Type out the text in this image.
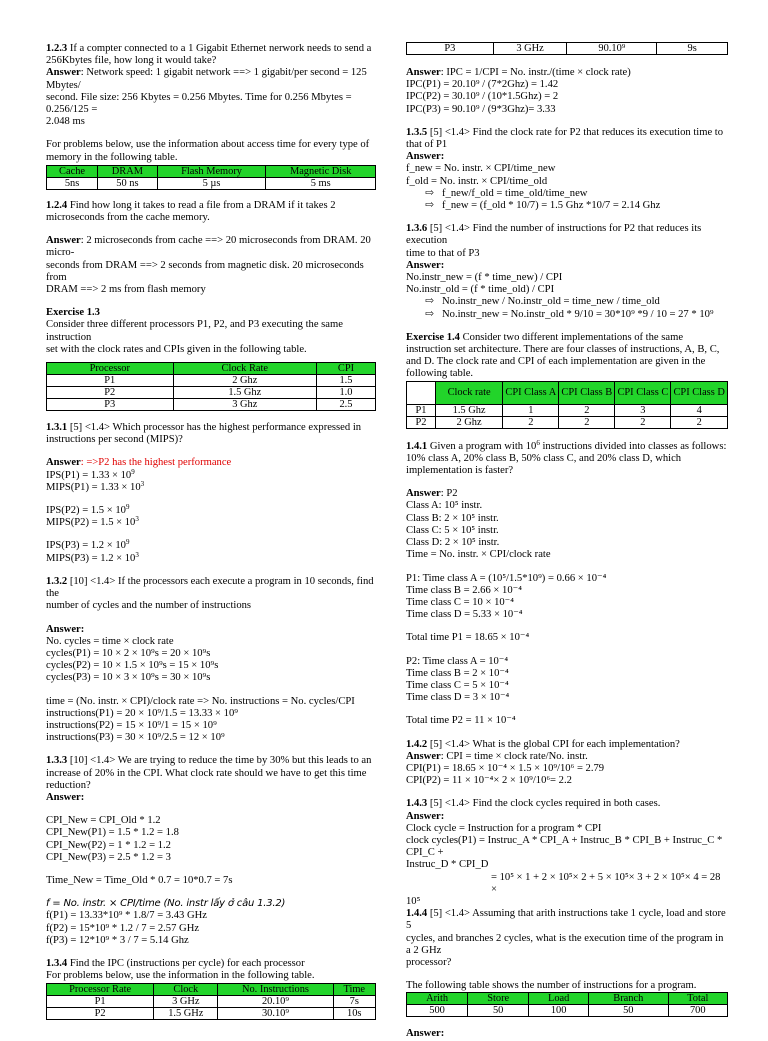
1.2.3 If a compter connected to a 1 Gigabit Ethernet nerwork needs to send a 256Kbytes file, how long it would take?

Answer: Network speed: 1 gigabit network ==> 1 gigabit/per second = 125 Mbytes/

second. File size: 256 Kbytes = 0.256 Mbytes. Time for 0.256 Mbytes = 0.256/125 =

2.048 ms

For problems below, use the information about access time for every type of memory in the following table.

Cache	DRAM	Flash Memory	Magnetic Disk
5ns	50 ns	5 µs	5 ms

1.2.4 Find how long it takes to read a file from a DRAM if it takes 2 microseconds from the cache memory.

Answer: 2 microseconds from cache ==> 20 microseconds from DRAM. 20 micro-

seconds from DRAM ==> 2 seconds from magnetic disk. 20 microseconds from

DRAM ==> 2 ms from flash memory

Exercise 1.3

Consider three different processors P1, P2, and P3 executing the same instruction

set with the clock rates and CPIs given in the following table.

Processor	Clock Rate	CPI
P1	2 Ghz	1.5
P2	1.5 Ghz	1.0
P3	3 Ghz	2.5

1.3.1 [5] <1.4> Which processor has the highest performance expressed in instructions per second (MIPS)?

Answer: =>P2 has the highest performance

$IPS(P1) = 1.33 \times 10^9$

MIPS(P1) = $1.33 \times 10^3$

$IPS(P2) = 1.5 \times 10^9$

MIPS(P2) = $1.5 \times 10^3$

$IPS(P3) = 1.2 \times 10^9$

MIPS(P3) = $1.2 \times 10^3$

1.3.2 [10] <1.4> If the processors each execute a program in 10 seconds, find the

number of cycles and the number of instructions

Answer:

No. cycles = time × clock rate

cycles(P1) = 10 × 2 × 10⁹s = 20 × 10⁹s

cycles(P2) = 10 × 1.5 × 10⁹s = 15 × 10⁹s

cycles(P3) = 10 × 3 × 10⁹s = 30 × 10⁹s

time = (No. instr. × CPI)/clock rate => No. instructions = No. cycles/CPI

instructions(P1) = 20 × 10⁹/1.5 = 13.33 × 10⁹

instructions(P2) = 15 × 10⁹/1 = 15 × 10⁹

instructions(P3) = 30 × 10⁹/2.5 = 12 × 10⁹

1.3.3 [10] <1.4> We are trying to reduce the time by 30% but this leads to an increase of 20% in the CPI. What clock rate should we have to get this time

reduction?

Answer:

CPI_New = CPI_Old * 1.2

CPI_New(P1) = 1.5 * 1.2 = 1.8

CPI_New(P2) = 1 * 1.2 = 1.2

CPI_New(P3) = 2.5 * 1.2 = 3

Time_New = Time_Old * 0.7 = 10*0.7 = 7s

f = No. instr. × CPI/time (No. instr lấy ở câu 1.3.2)

f(P1) = 13.33*10⁹ * 1.8/7 = 3.43 GHz

f(P2) = 15*10⁹ * 1.2 / 7 = 2.57 GHz

f(P3) = 12*10⁹ * 3 / 7 = 5.14 Ghz

1.3.4 Find the IPC (instructions per cycle) for each processor

For problems below, use the information in the following table.

Processor Rate	Clock	No. Instructions	Time
P1	3 GHz	20.10⁹	7s
P2	1.5 GHz	30.10⁹	10s
P3	3 GHz	90.10⁹	9s

Answer: IPC = 1/CPI = No. instr./(time × clock rate)

IPC(P1) = 20.10⁹ / (7*2Ghz) = 1.42

IPC(P2) = 30.10⁹ / (10*1.5Ghz) = 2

IPC(P3) = 90.10⁹ / (9*3Ghz)= 3.33

1.3.5 [5] <1.4> Find the clock rate for P2 that reduces its execution time to that of P1

Answer:

f_new = No. instr. × CPI/time_new

f_old = No. instr. × CPI/time_old

⇨ f_new/f_old = time_old/time_new

⇨ f_new = (f_old * 10/7) = 1.5 Ghz *10/7 = 2.14 Ghz

1.3.6 [5] <1.4> Find the number of instructions for P2 that reduces its execution

time to that of P3

Answer:

No.instr_new = (f * time_new) / CPI

No.instr_old = (f * time_old) / CPI

⇨ No.instr_new / No.instr_old = time_new / time_old

⇨ No.instr_new = No.instr_old * 9/10 = 30*10⁹ *9 / 10 = 27 * 10⁹

Exercise 1.4 Consider two different implementations of the same instruction set architecture. There are four classes of instructions, A, B, C, and D. The clock rate and CPI of each implementation are given in the following table.

	Clock rate	CPI Class A	CPI Class B	CPI Class C	CPI Class D
P1	1.5 Ghz	1	2	3	4
P2	2 Ghz	2	2	2	2

1.4.1 Given a program with $10^6$ instructions divided into classes as follows: 10% class A, 20% class B, 50% class C, and 20% class D, which implementation is faster?

Answer: P2

Class A: 10⁵ instr.

Class B: 2 × 10⁵ instr.

Class C: 5 × 10⁵ instr.

Class D: 2 × 10⁵ instr.

Time = No. instr. × CPI/clock rate

P1: Time class A = (10⁵/1.5*10⁹) = 0.66 × 10⁻⁴

Time class B = 2.66 × 10⁻⁴

Time class C = 10 × 10⁻⁴

Time class D = 5.33 × 10⁻⁴

Total time P1 = 18.65 × 10⁻⁴

P2: Time class A = 10⁻⁴

Time class B = 2 × 10⁻⁴

Time class C = 5 × 10⁻⁴

Time class D = 3 × 10⁻⁴

Total time P2 = 11 × 10⁻⁴

1.4.2 [5] <1.4> What is the global CPI for each implementation?

Answer: CPI = time × clock rate/No. instr.

CPI(P1) = 18.65 × 10⁻⁴ × 1.5 × 10⁹/10⁶ = 2.79

CPI(P2) = 11 × 10⁻⁴× 2 × 10⁹/10⁶= 2.2

1.4.3 [5] <1.4> Find the clock cycles required in both cases.

Answer:

Clock cycle = Instruction for a program * CPI

clock cycles(P1) = Instruc_A * CPI_A + Instruc_B * CPI_B + Instruc_C * CPI_C +

Instruc_D * CPI_D

= 10⁵ × 1 + 2 × 10⁵× 2 + 5 × 10⁵× 3 + 2 × 10⁵× 4 = 28 ×

10⁵

1.4.4 [5] <1.4> Assuming that arith instructions take 1 cycle, load and store 5

cycles, and branches 2 cycles, what is the execution time of the program in a 2 GHz

processor?

The following table shows the number of instructions for a program.

Arith	Store	Load	Branch	Total
500	50	100	50	700

Answer:
